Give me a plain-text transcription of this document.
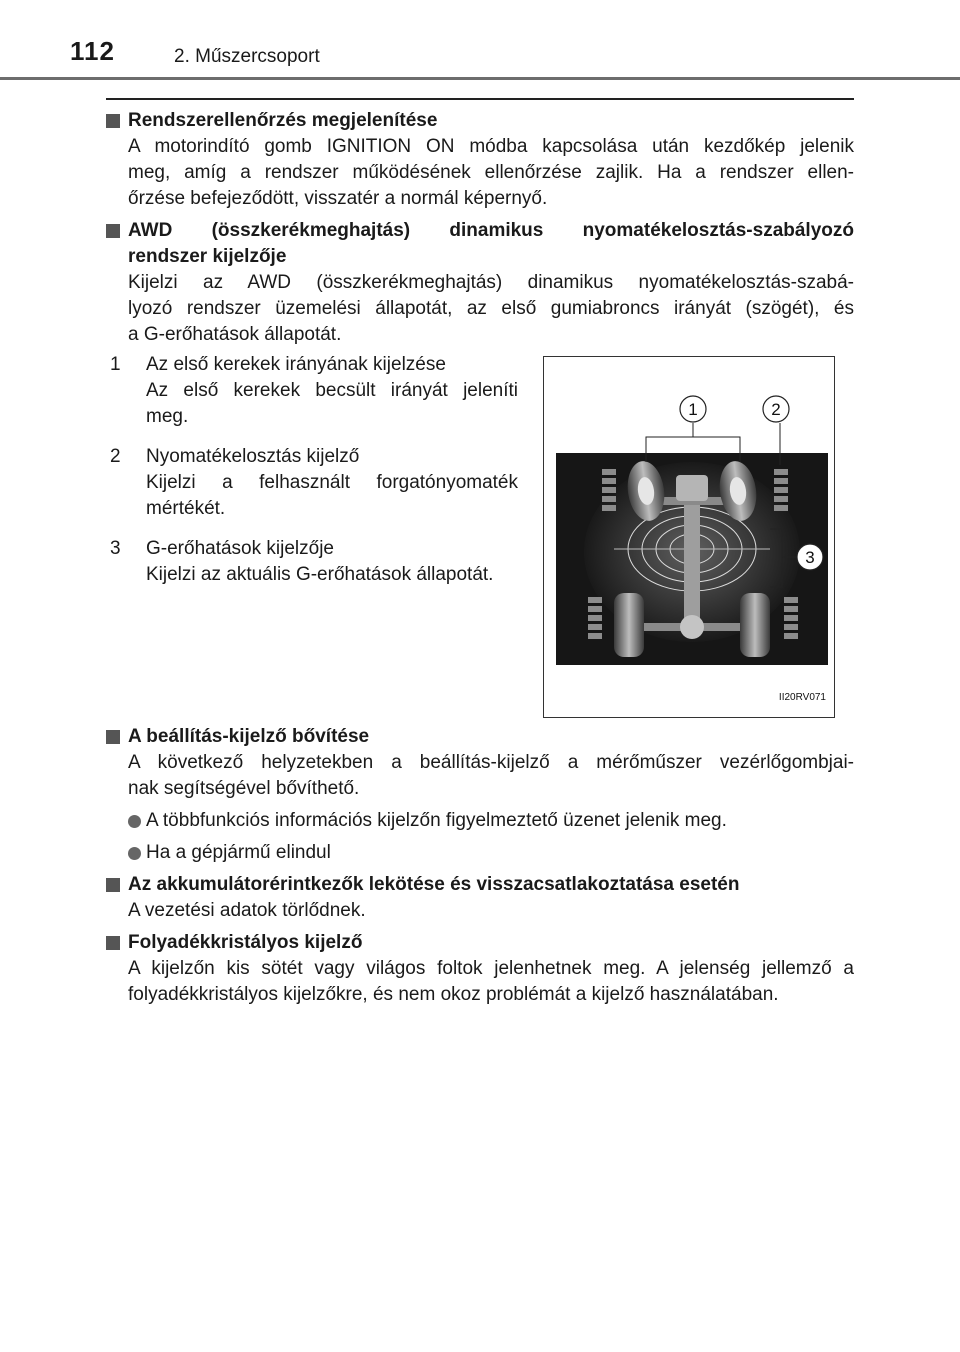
112	2. Műszercsoport
Rendszerellenőrzés megjelenítése
A motorindító gomb IGNITION ON módba kapcsolása után kezdőkép jelenik
meg, amíg a rendszer működésének ellenőrzése zajlik. Ha a rendszer ellen-
őrzése befejeződött, visszatér a normál képernyő.
AWD (összkerékmeghajtás) dinamikus nyomatékelosztás-szabályozó
rendszer kijelzője
Kijelzi az AWD (összkerékmeghajtás) dinamikus nyomatékelosztás-szabá-
lyozó rendszer üzemelési állapotát, az első gumiabroncs irányát (szögét), és
a G-erőhatások állapotát.
1	Az első kerekek irányának kijelzése
Az első kerekek becsült irányát jeleníti
meg.
2	Nyomatékelosztás kijelző
Kijelzi a felhasznált forgatónyomaték
mértékét.
3	G-erőhatások kijelzője
Kijelzi az aktuális G-erőhatások állapotát.
1	2
3
II20RV071
A beállítás-kijelző bővítése
A következő helyzetekben a beállítás-kijelző a mérőműszer vezérlőgombjai-
nak segítségével bővíthető.
A többfunkciós információs kijelzőn figyelmeztető üzenet jelenik meg.
Ha a gépjármű elindul
Az akkumulátorérintkezők lekötése és visszacsatlakoztatása esetén
A vezetési adatok törlődnek.
Folyadékkristályos kijelző
A kijelzőn kis sötét vagy világos foltok jelenhetnek meg. A jelenség jellemző a
folyadékkristályos kijelzőkre, és nem okoz problémát a kijelző használatában.
